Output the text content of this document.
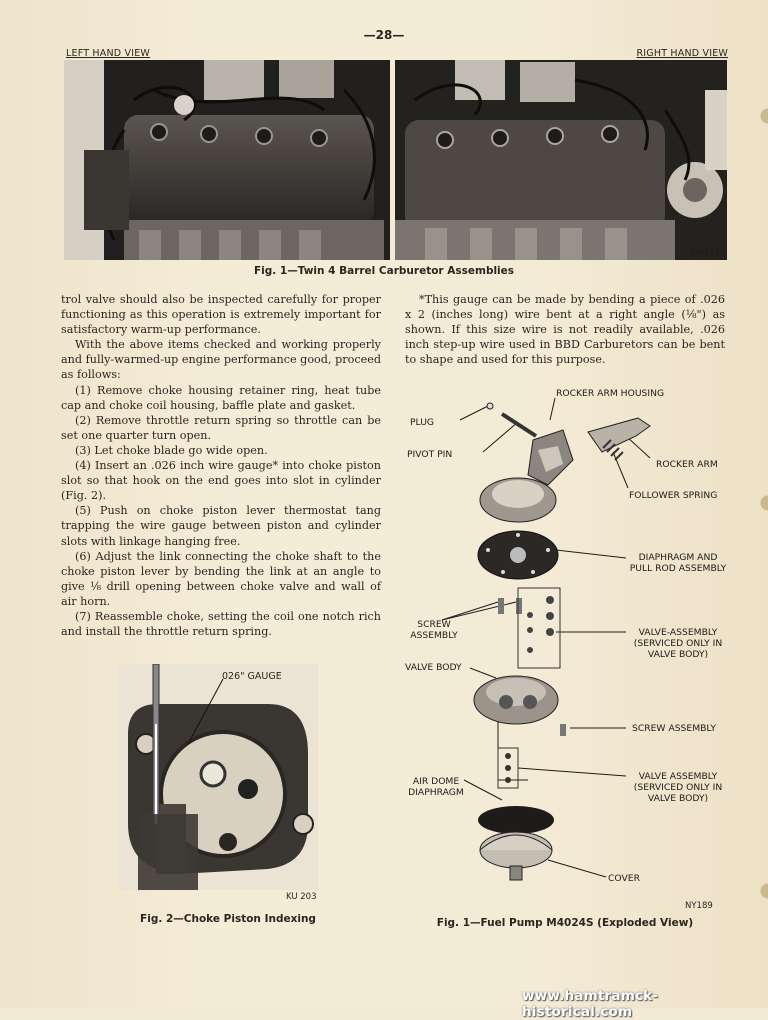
—28—
LEFT HAND VIEW	RIGHT HAND VIEW
NN973
Fig. 1—Twin 4 Barrel Carburetor Assemblies

trol valve should also be inspected carefully for proper functioning as this operation is extremely important for satisfactory warm-up performance.

With the above items checked and working properly and fully-warmed-up engine performance good, proceed as follows:

(1) Remove choke housing retainer ring, heat tube cap and choke coil housing, baffle plate and gasket.

(2) Remove throttle return spring so throttle can be set one quarter turn open.

(3) Let choke blade go wide open.

(4) Insert an .026 inch wire gauge* into choke piston slot so that hook on the end goes into slot in cylinder (Fig. 2).

(5) Push on choke piston lever thermostat tang trapping the wire gauge between piston and cylinder slots with linkage hanging free.

(6) Adjust the link connecting the choke shaft to the choke piston lever by bending the link at an angle to give ⅛ drill opening between choke valve and wall of air horn.

(7) Reassemble choke, setting the coil one notch rich and install the throttle return spring.

*This gauge can be made by bending a piece of .026 x 2 (inches long) wire bent at a right angle (⅛") as shown. If this size wire is not readily available, .026 inch step-up wire used in BBD Carburetors can be bent to shape and used for this purpose.

026" GAUGE
KU 203
Fig. 2—Choke Piston Indexing
ROCKER ARM HOUSING
PLUG
PIVOT PIN
ROCKER ARM
FOLLOWER SPRING
DIAPHRAGM AND PULL ROD ASSEMBLY
SCREW ASSEMBLY	VALVE-ASSEMBLY (SERVICED ONLY IN VALVE BODY)
VALVE BODY
SCREW ASSEMBLY
AIR DOME DIAPHRAGM
VALVE ASSEMBLY (SERVICED ONLY IN VALVE BODY)
COVER
NY189
Fig. 1—Fuel Pump M4024S (Exploded View)
www.hamtramck-historical.com
